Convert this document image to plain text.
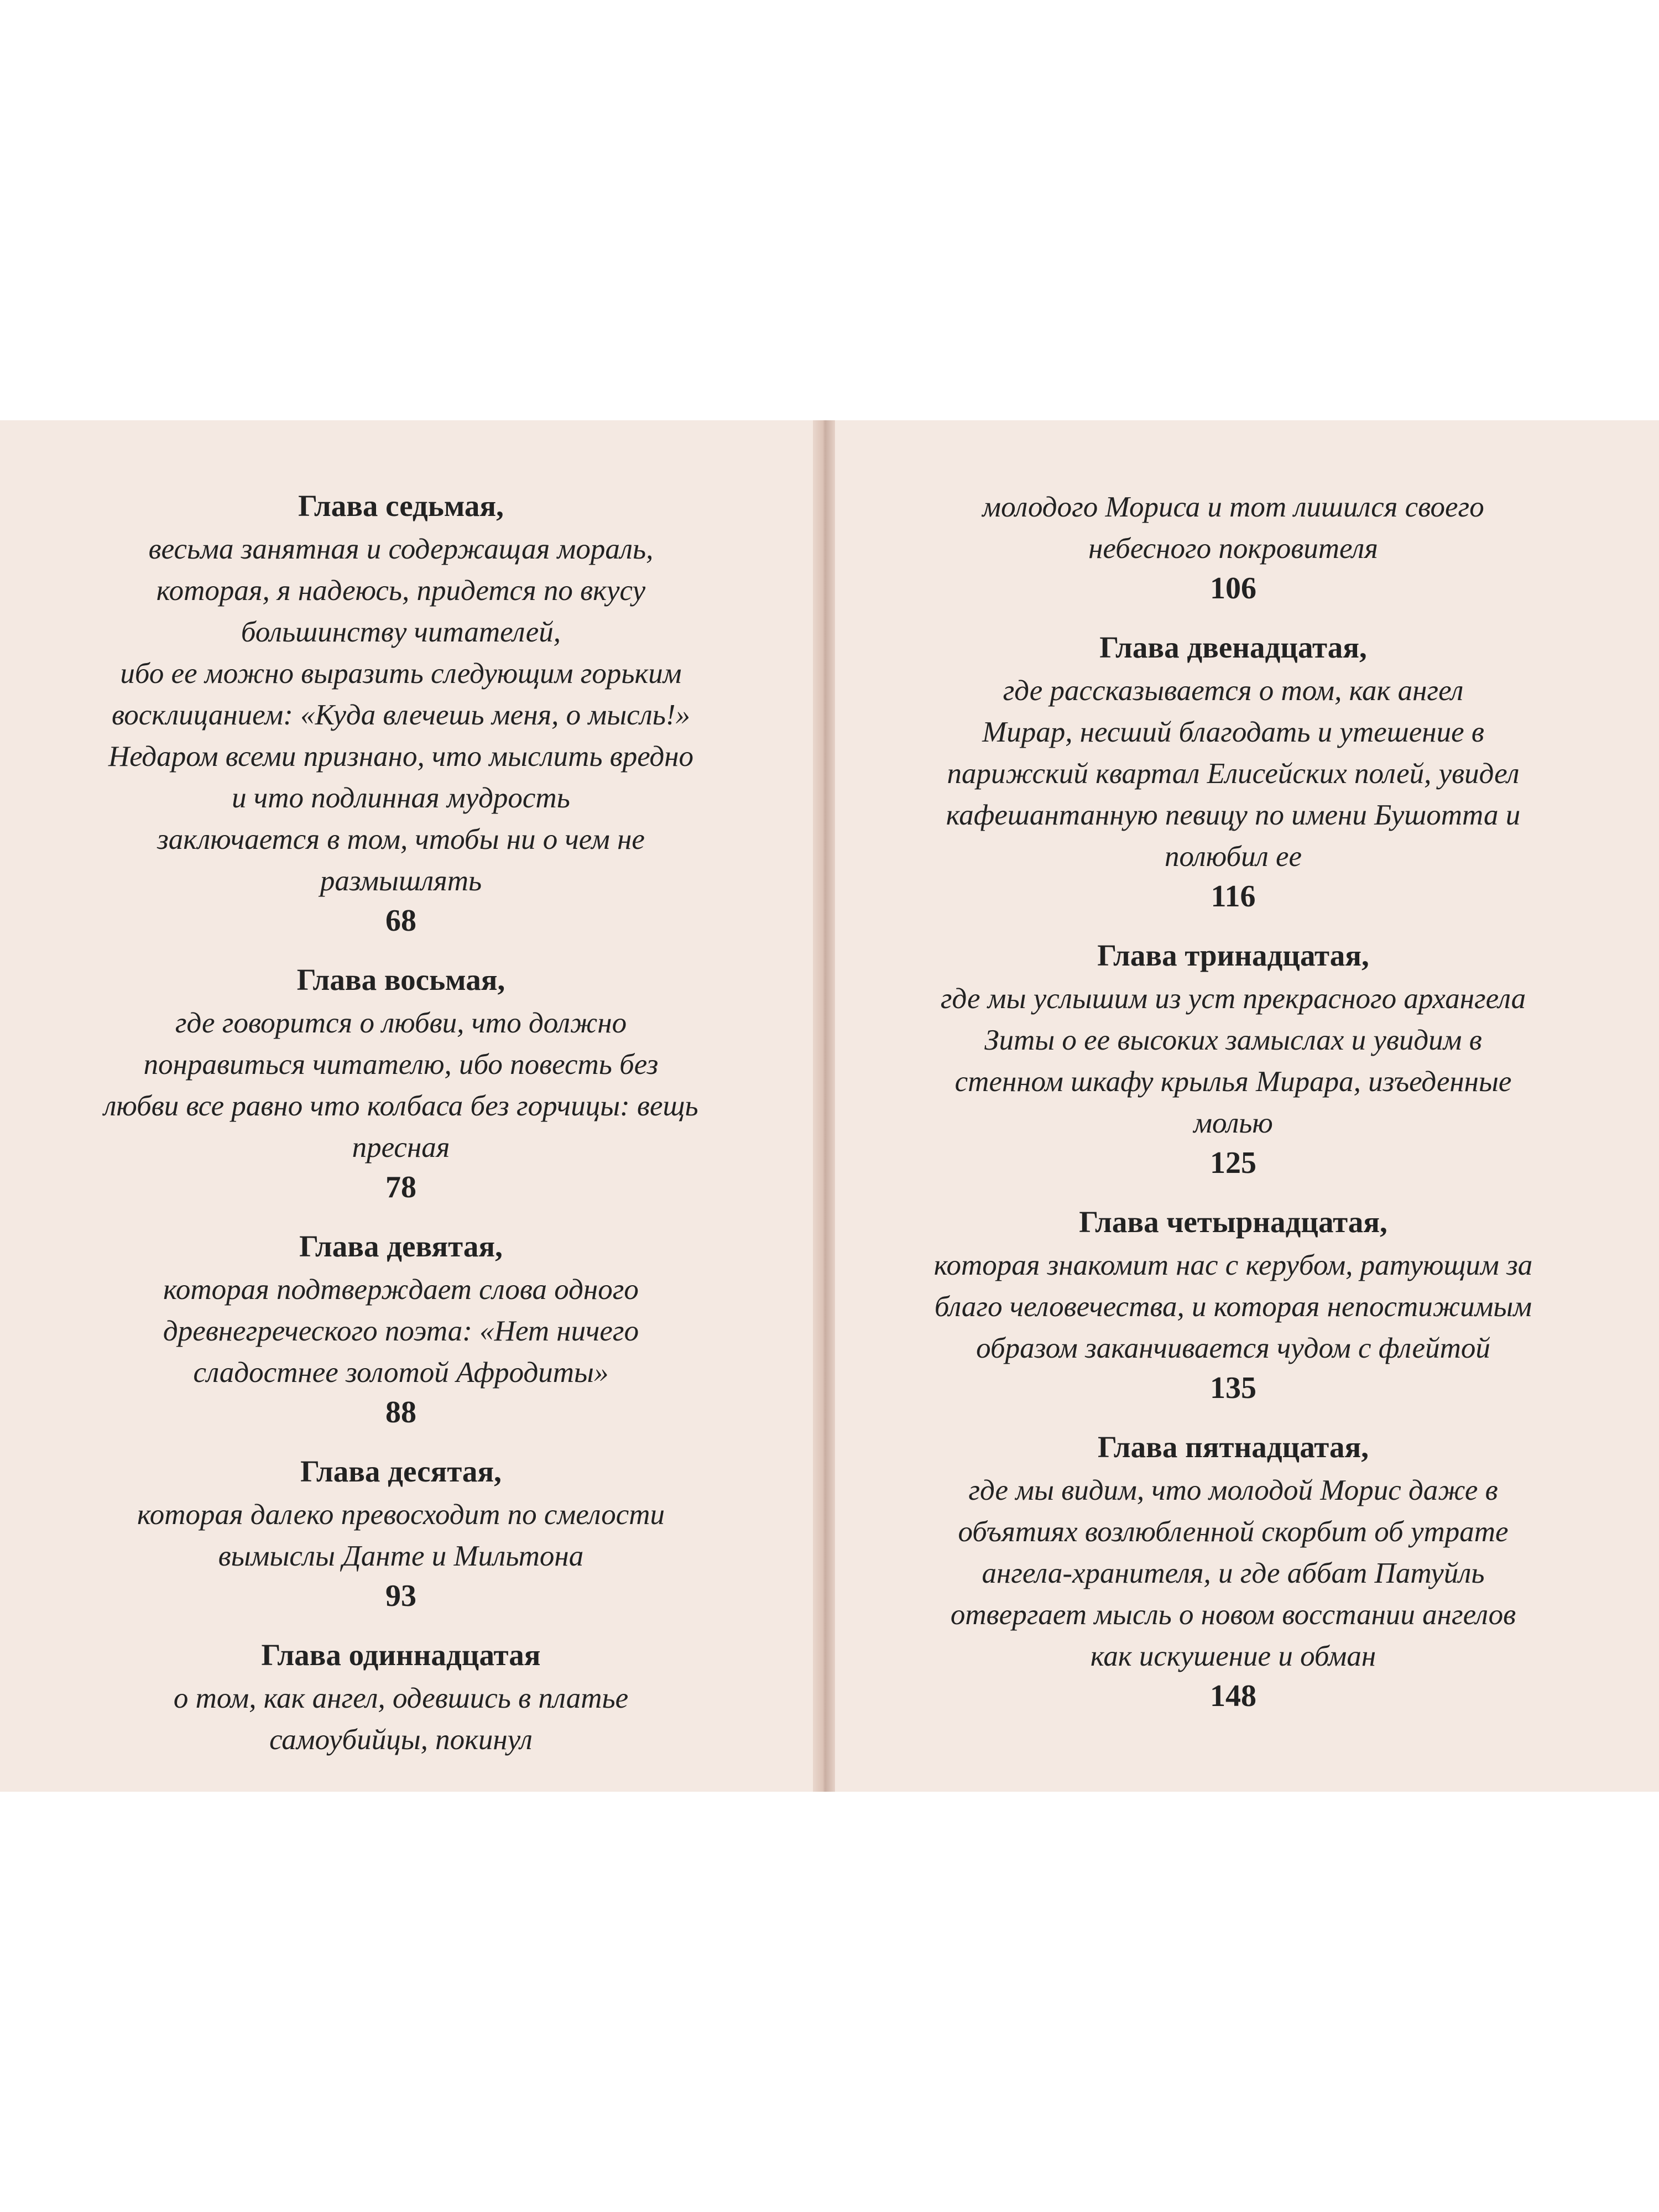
Глава седьмая,
весьма занятная и содержащая мораль,
которая, я надеюсь, придется по вкусу
большинству читателей,
ибо ее можно выразить следующим горьким
восклицанием: «Куда влечешь меня, о мысль!»
Недаром всеми признано, что мыслить вредно
и что подлинная мудрость
заключается в том, чтобы ни о чем не
размышлять
68
Глава восьмая,
где говорится о любви, что должно
понравиться читателю, ибо повесть без
любви все равно что колбаса без горчицы: вещь
пресная
78
Глава девятая,
которая подтверждает слова одного
древнегреческого поэта: «Нет ничего
сладостнее золотой Афродиты»
88
Глава десятая,
которая далеко превосходит по смелости
вымыслы Данте и Мильтона
93
Глава одиннадцатая
о том, как ангел, одевшись в платье
самоубийцы, покинул
молодого Мориса и тот лишился своего
небесного покровителя
106
Глава двенадцатая,
где рассказывается о том, как ангел
Мирар, несший благодать и утешение в
парижский квартал Елисейских полей, увидел
кафешантанную певицу по имени Бушотта и
полюбил ее
116
Глава тринадцатая,
где мы услышим из уст прекрасного архангела
Зиты о ее высоких замыслах и увидим в
стенном шкафу крылья Мирара, изъеденные
молью
125
Глава четырнадцатая,
которая знакомит нас с керубом, ратующим за
благо человечества, и которая непостижимым
образом заканчивается чудом с флейтой
135
Глава пятнадцатая,
где мы видим, что молодой Морис даже в
объятиях возлюбленной скорбит об утрате
ангела-хранителя, и где аббат Патуйль
отвергает мысль о новом восстании ангелов
как искушение и обман
148
